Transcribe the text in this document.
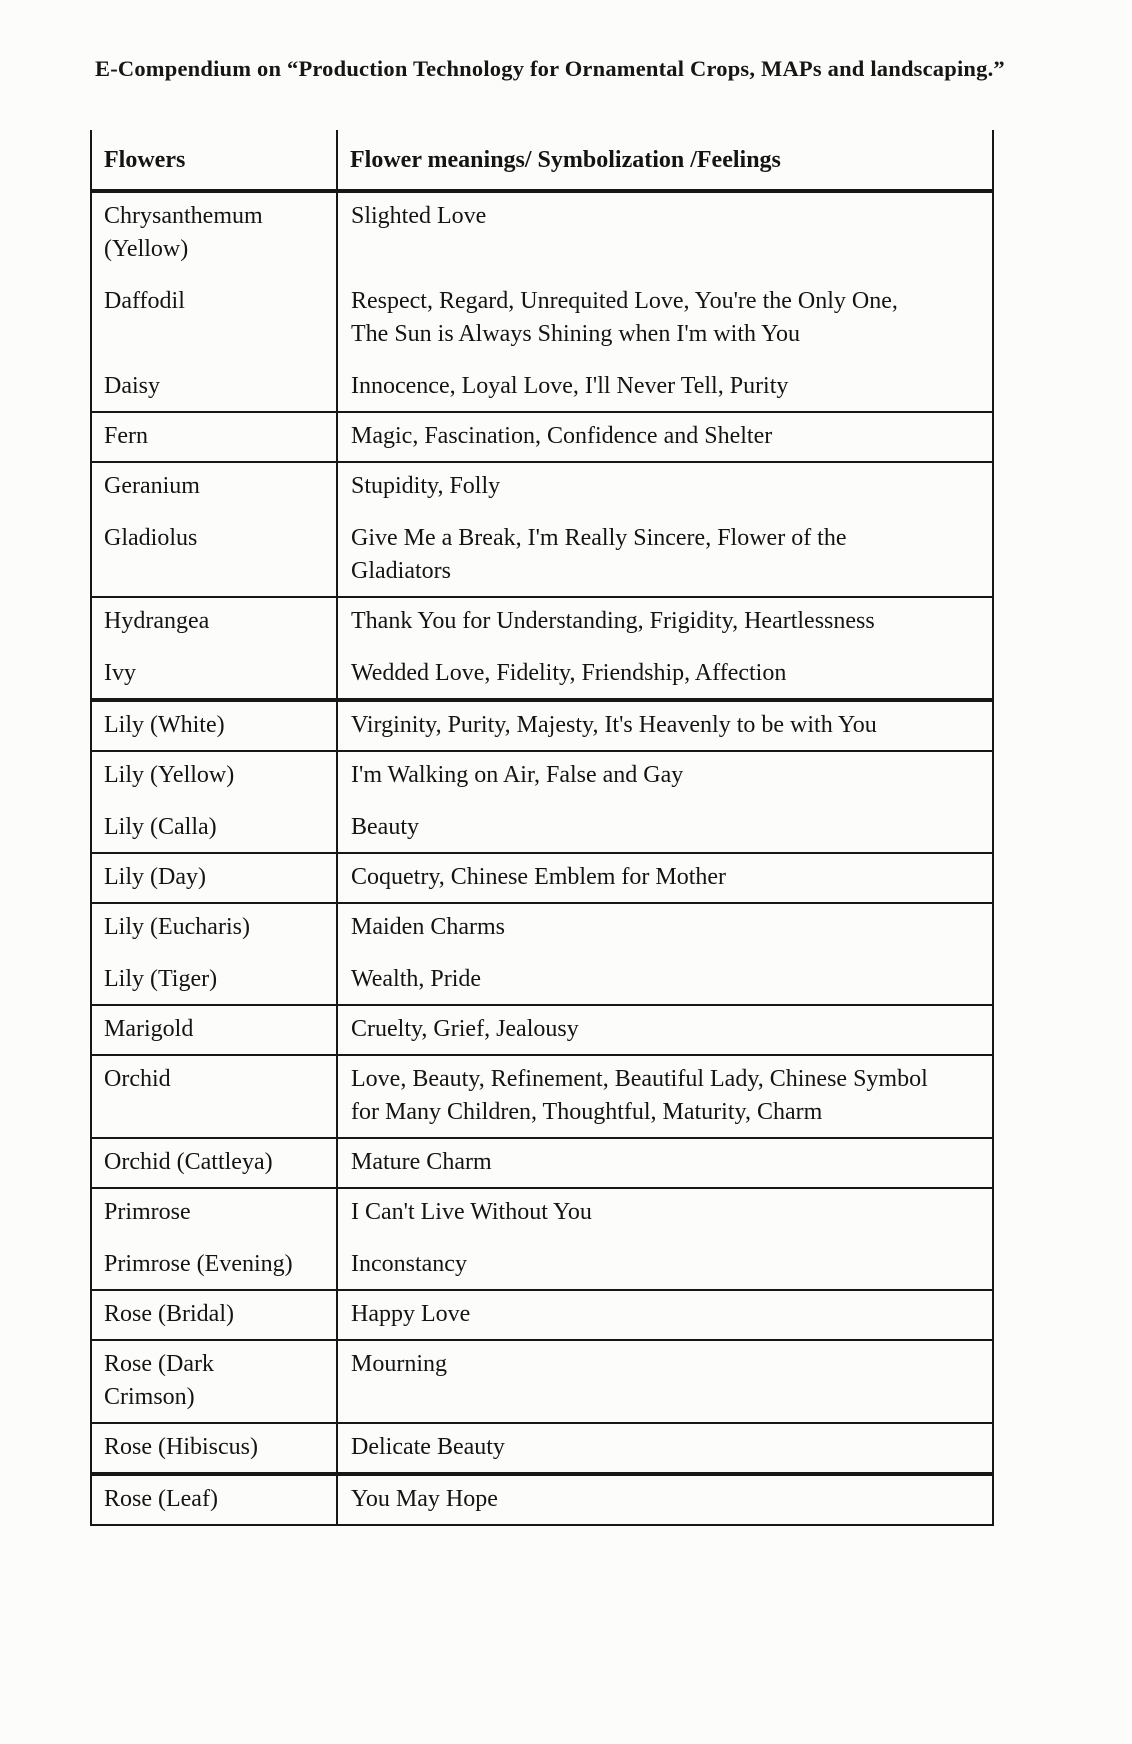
E-Compendium on “Production Technology for Ornamental Crops, MAPs and landscaping.”
Flowers	Flower meanings/ Symbolization /Feelings
Chrysanthemum (Yellow)	Slighted Love
Daffodil	Respect, Regard, Unrequited Love, You're the Only One, The Sun is Always Shining when I'm with You
Daisy	Innocence, Loyal Love, I'll Never Tell, Purity
Fern	Magic, Fascination, Confidence and Shelter
Geranium	Stupidity, Folly
Gladiolus	Give Me a Break, I'm Really Sincere, Flower of the Gladiators
Hydrangea	Thank You for Understanding, Frigidity, Heartlessness
Ivy	Wedded Love, Fidelity, Friendship, Affection
Lily (White)	Virginity, Purity, Majesty, It's Heavenly to be with You
Lily (Yellow)	I'm Walking on Air, False and Gay
Lily (Calla)	Beauty
Lily (Day)	Coquetry, Chinese Emblem for Mother
Lily (Eucharis)	Maiden Charms
Lily (Tiger)	Wealth, Pride
Marigold	Cruelty, Grief, Jealousy
Orchid	Love, Beauty, Refinement, Beautiful Lady, Chinese Symbol for Many Children, Thoughtful, Maturity, Charm
Orchid (Cattleya)	Mature Charm
Primrose	I Can't Live Without You
Primrose (Evening)	Inconstancy
Rose (Bridal)	Happy Love
Rose (Dark Crimson)	Mourning
Rose (Hibiscus)	Delicate Beauty
Rose (Leaf)	You May Hope
